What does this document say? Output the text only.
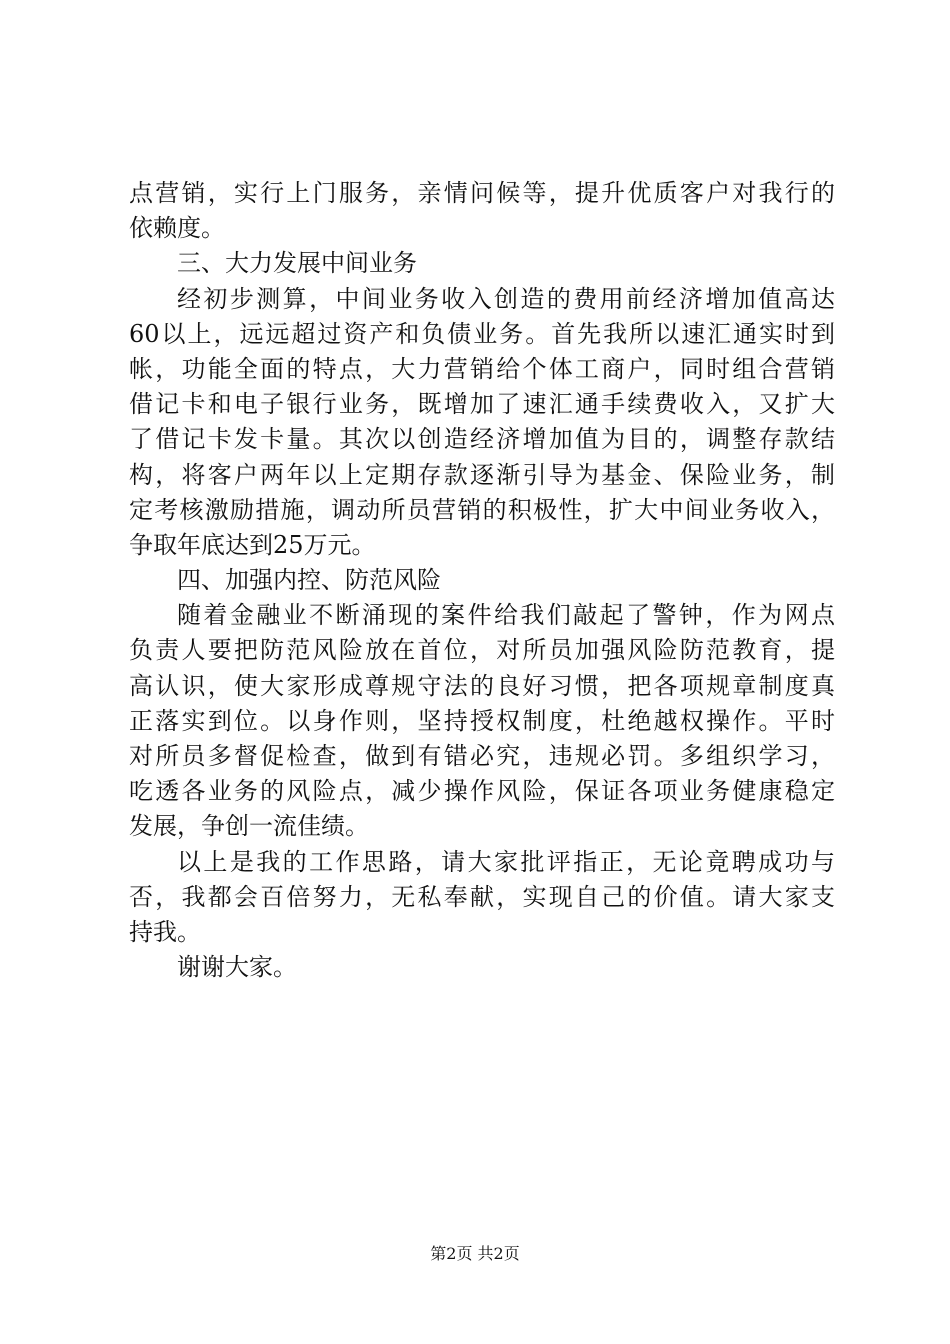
点营销，实行上门服务，亲情问候等，提升优质客户对我行的
依赖度。
三、大力发展中间业务
经初步测算，中间业务收入创造的费用前经济增加值高达
60以上，远远超过资产和负债业务。首先我所以速汇通实时到
帐，功能全面的特点，大力营销给个体工商户，同时组合营销
借记卡和电子银行业务，既增加了速汇通手续费收入，又扩大
了借记卡发卡量。其次以创造经济增加值为目的，调整存款结
构，将客户两年以上定期存款逐渐引导为基金、保险业务，制
定考核激励措施，调动所员营销的积极性，扩大中间业务收入，
争取年底达到25万元。
四、加强内控、防范风险
随着金融业不断涌现的案件给我们敲起了警钟，作为网点
负责人要把防范风险放在首位，对所员加强风险防范教育，提
高认识，使大家形成尊规守法的良好习惯，把各项规章制度真
正落实到位。以身作则，坚持授权制度，杜绝越权操作。平时
对所员多督促检查，做到有错必究，违规必罚。多组织学习，
吃透各业务的风险点，减少操作风险，保证各项业务健康稳定
发展，争创一流佳绩。
以上是我的工作思路，请大家批评指正，无论竟聘成功与
否，我都会百倍努力，无私奉献，实现自己的价值。请大家支
持我。
谢谢大家。
第2页 共2页
